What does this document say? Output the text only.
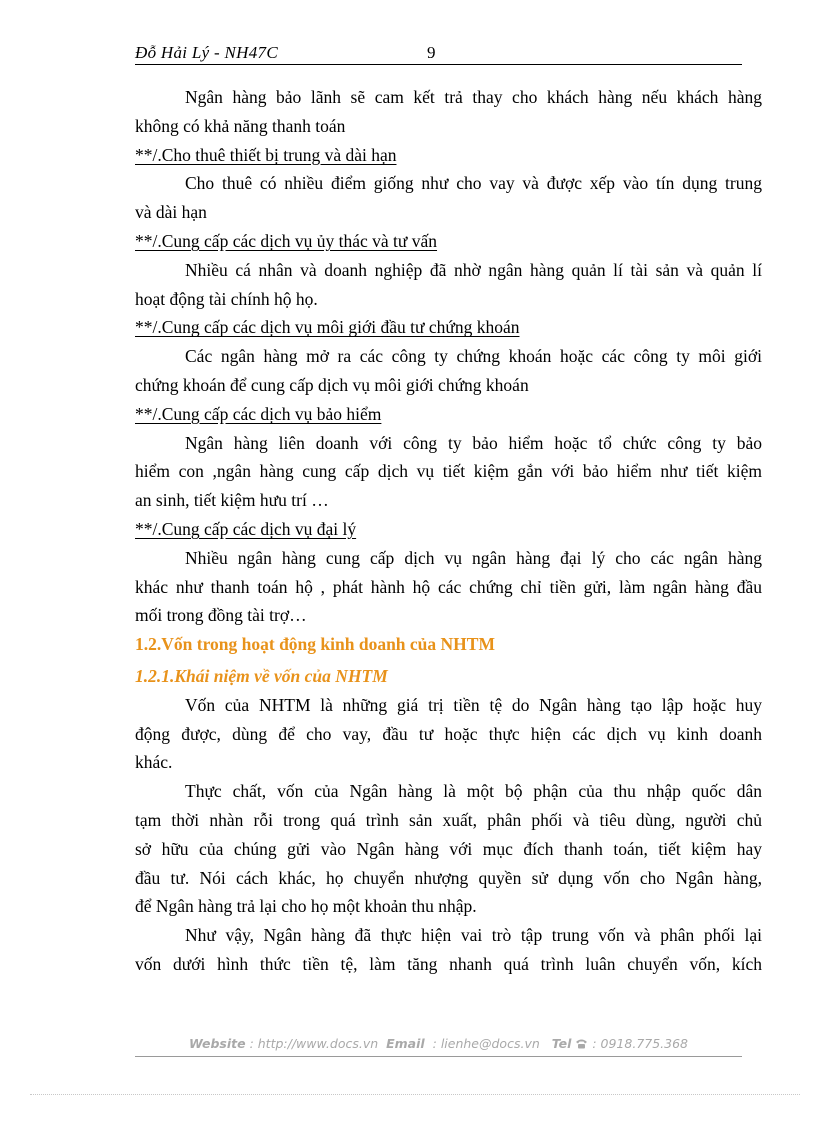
Đỗ Hải Lý - NH47C	9
Ngân hàng bảo lãnh sẽ cam kết trả thay cho khách hàng nếu khách hàng
không có khả năng thanh toán
**/.Cho thuê thiết bị trung và dài hạn
Cho thuê có nhiều điểm giống như cho vay và được xếp vào tín dụng trung
và dài hạn
**/.Cung cấp các dịch vụ ủy thác và tư vấn
Nhiều cá nhân và doanh nghiệp đã nhờ ngân hàng quản lí tài sản và quản lí
hoạt động tài chính hộ họ.
**/.Cung cấp các dịch vụ môi giới đầu tư chứng khoán
Các ngân hàng mở ra các công ty chứng khoán hoặc các công ty môi giới
chứng khoán để cung cấp dịch vụ môi giới chứng khoán
**/.Cung cấp các dịch vụ bảo hiểm
Ngân hàng liên doanh với công ty bảo hiểm hoặc tổ chức công ty bảo
hiểm con ,ngân hàng cung cấp dịch vụ tiết kiệm gắn với bảo hiểm như tiết kiệm
an sinh, tiết kiệm hưu trí …
**/.Cung cấp các dịch vụ đại lý
Nhiều ngân hàng cung cấp dịch vụ ngân hàng đại lý cho các ngân hàng
khác như thanh toán hộ , phát hành hộ các chứng chỉ tiền gửi, làm ngân hàng đầu
mối trong đồng tài trợ…
1.2.Vốn trong hoạt động kinh doanh của NHTM
1.2.1.Khái niệm về vốn của NHTM
Vốn của NHTM là những giá trị tiền tệ do Ngân hàng tạo lập hoặc huy
động được, dùng để cho vay, đầu tư hoặc thực hiện các dịch vụ kinh doanh
khác.
Thực chất, vốn của Ngân hàng là một bộ phận của thu nhập quốc dân
tạm thời nhàn rỗi trong quá trình sản xuất, phân phối và tiêu dùng, người chủ
sở hữu của chúng gửi vào Ngân hàng với mục đích thanh toán, tiết kiệm hay
đầu tư. Nói cách khác, họ chuyển nhượng quyền sử dụng vốn cho Ngân hàng,
để Ngân hàng trả lại cho họ một khoản thu nhập.
Như vậy, Ngân hàng đã thực hiện vai trò tập trung vốn và phân phối lại
vốn dưới hình thức tiền tệ, làm tăng nhanh quá trình luân chuyển vốn, kích
Website : http://www.docs.vn Email : lienhe@docs.vn Tel : 0918.775.368
